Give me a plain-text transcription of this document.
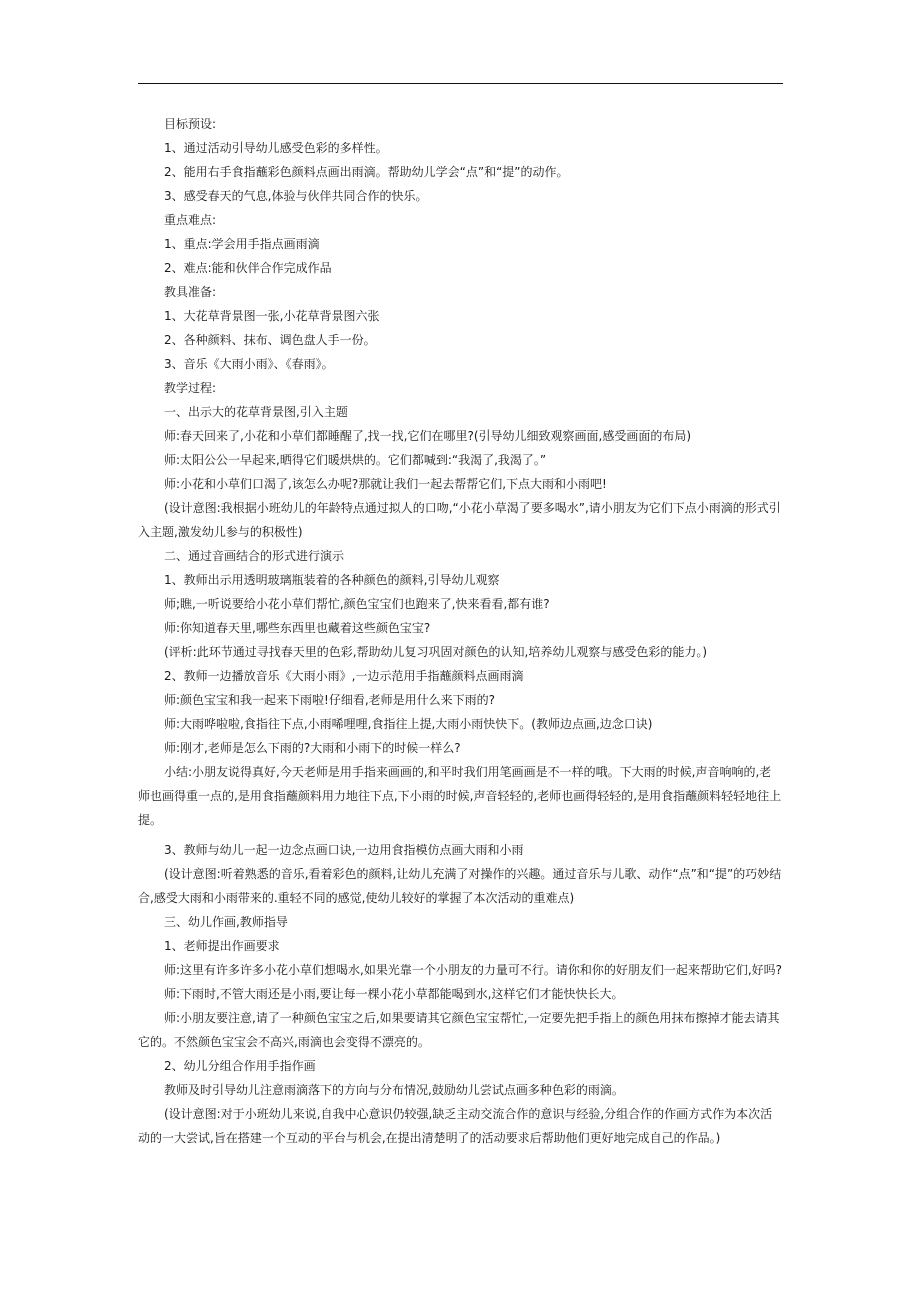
目标预设:
1、通过活动引导幼儿感受色彩的多样性。
2、能用右手食指蘸彩色颜料点画出雨滴。帮助幼儿学会“点”和“提”的动作。
3、感受春天的气息,体验与伙伴共同合作的快乐。
重点难点:
1、重点:学会用手指点画雨滴
2、难点:能和伙伴合作完成作品
教具准备:
1、大花草背景图一张,小花草背景图六张
2、各种颜料、抹布、调色盘人手一份。
3、音乐《大雨小雨》、《春雨》。
教学过程:
一、出示大的花草背景图,引入主题
师:春天回来了,小花和小草们都睡醒了,找一找,它们在哪里?(引导幼儿细致观察画面,感受画面的布局)
师:太阳公公一早起来,晒得它们暖烘烘的。它们都喊到:“我渴了,我渴了。”
师:小花和小草们口渴了,该怎么办呢?那就让我们一起去帮帮它们,下点大雨和小雨吧!
(设计意图:我根据小班幼儿的年龄特点通过拟人的口吻,“小花小草渴了要多喝水”,请小朋友为它们下点小雨滴的形式引入主题,激发幼儿参与的积极性)
二、通过音画结合的形式进行演示
1、教师出示用透明玻璃瓶装着的各种颜色的颜料,引导幼儿观察
师;瞧,一听说要给小花小草们帮忙,颜色宝宝们也跑来了,快来看看,都有谁?
师:你知道春天里,哪些东西里也藏着这些颜色宝宝?
(评析:此环节通过寻找春天里的色彩,帮助幼儿复习巩固对颜色的认知,培养幼儿观察与感受色彩的能力。)
2、教师一边播放音乐《大雨小雨》,一边示范用手指蘸颜料点画雨滴
师:颜色宝宝和我一起来下雨啦!仔细看,老师是用什么来下雨的?
师:大雨哗啦啦,食指往下点,小雨唏哩哩,食指往上提,大雨小雨快快下。(教师边点画,边念口诀)
师:刚才,老师是怎么下雨的?大雨和小雨下的时候一样么?
小结:小朋友说得真好,今天老师是用手指来画画的,和平时我们用笔画画是不一样的哦。下大雨的时候,声音响响的,老师也画得重一点的,是用食指蘸颜料用力地往下点,下小雨的时候,声音轻轻的,老师也画得轻轻的,是用食指蘸颜料轻轻地往上提。
3、教师与幼儿一起一边念点画口诀,一边用食指模仿点画大雨和小雨
(设计意图:听着熟悉的音乐,看着彩色的颜料,让幼儿充满了对操作的兴趣。通过音乐与儿歌、动作“点”和“提”的巧妙结合,感受大雨和小雨带来的.重轻不同的感觉,使幼儿较好的掌握了本次活动的重难点)
三、幼儿作画,教师指导
1、老师提出作画要求
师:这里有许多许多小花小草们想喝水,如果光靠一个小朋友的力量可不行。请你和你的好朋友们一起来帮助它们,好吗?
师:下雨时,不管大雨还是小雨,要让每一棵小花小草都能喝到水,这样它们才能快快长大。
师:小朋友要注意,请了一种颜色宝宝之后,如果要请其它颜色宝宝帮忙,一定要先把手指上的颜色用抹布擦掉才能去请其它的。不然颜色宝宝会不高兴,雨滴也会变得不漂亮的。
2、幼儿分组合作用手指作画
教师及时引导幼儿注意雨滴落下的方向与分布情况,鼓励幼儿尝试点画多种色彩的雨滴。
(设计意图:对于小班幼儿来说,自我中心意识仍较强,缺乏主动交流合作的意识与经验,分组合作的作画方式作为本次活动的一大尝试,旨在搭建一个互动的平台与机会,在提出清楚明了的活动要求后帮助他们更好地完成自己的作品。)
